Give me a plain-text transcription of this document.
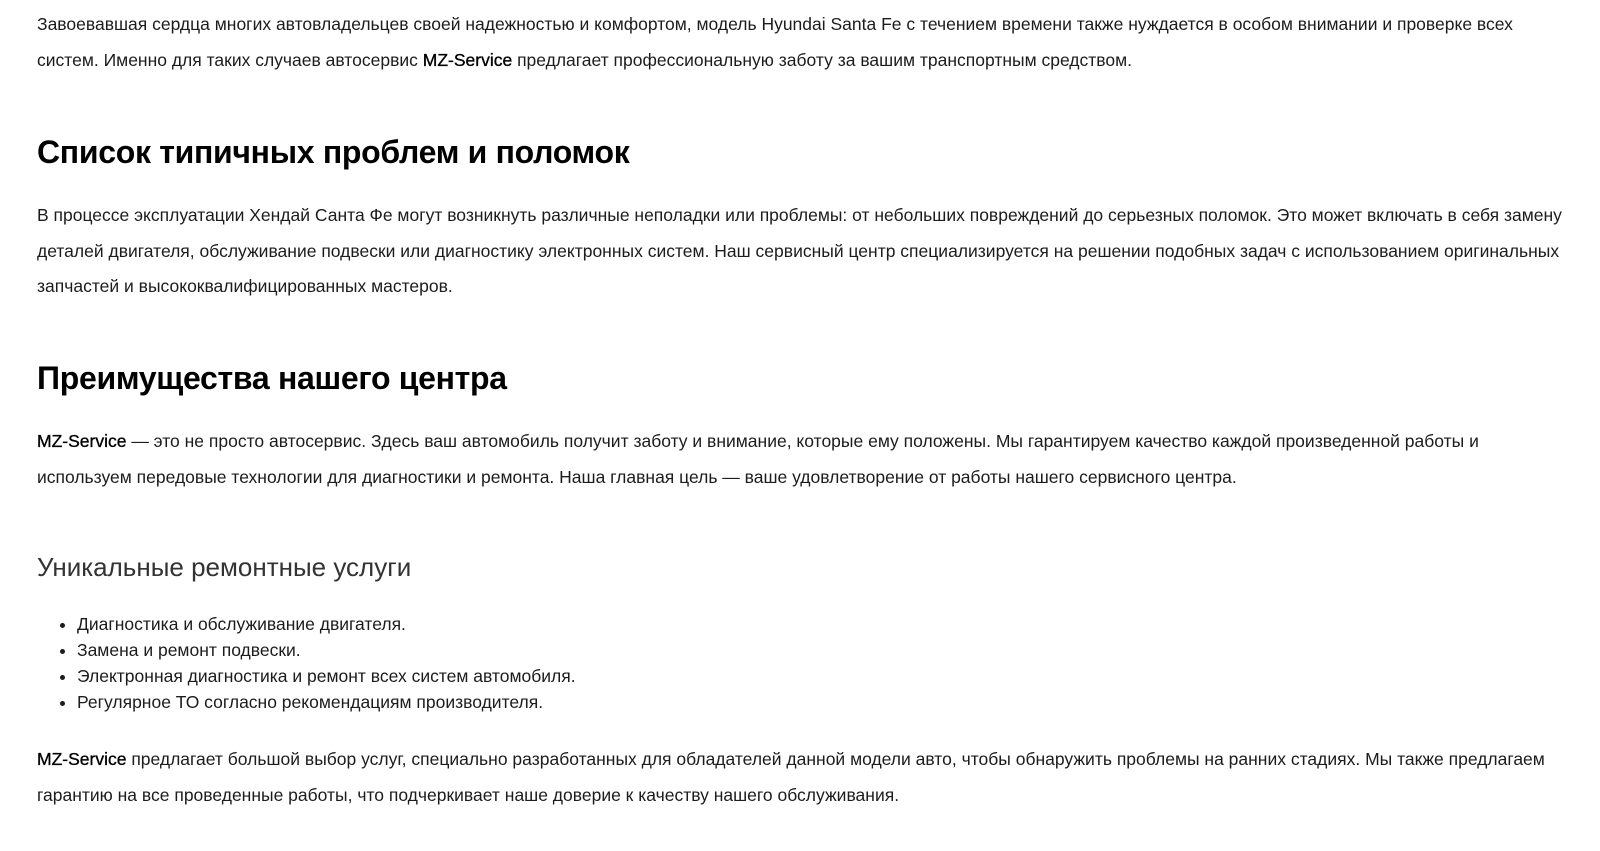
Завоевавшая сердца многих автовладельцев своей надежностью и комфортом, модель Hyundai Santa Fe с течением времени также нуждается в особом внимании и проверке всех систем. Именно для таких случаев автосервис MZ-Service предлагает профессиональную заботу за вашим транспортным средством.

Список типичных проблем и поломок

В процессе эксплуатации Хендай Санта Фе могут возникнуть различные неполадки или проблемы: от небольших повреждений до серьезных поломок. Это может включать в себя замену деталей двигателя, обслуживание подвески или диагностику электронных систем. Наш сервисный центр специализируется на решении подобных задач с использованием оригинальных запчастей и высококвалифицированных мастеров.

Преимущества нашего центра

MZ-Service — это не просто автосервис. Здесь ваш автомобиль получит заботу и внимание, которые ему положены. Мы гарантируем качество каждой произведенной работы и используем передовые технологии для диагностики и ремонта. Наша главная цель — ваше удовлетворение от работы нашего сервисного центра.

Уникальные ремонтные услуги
• Диагностика и обслуживание двигателя.
• Замена и ремонт подвески.
• Электронная диагностика и ремонт всех систем автомобиля.
• Регулярное ТО согласно рекомендациям производителя.

MZ-Service предлагает большой выбор услуг, специально разработанных для обладателей данной модели авто, чтобы обнаружить проблемы на ранних стадиях. Мы также предлагаем гарантию на все проведенные работы, что подчеркивает наше доверие к качеству нашего обслуживания.
